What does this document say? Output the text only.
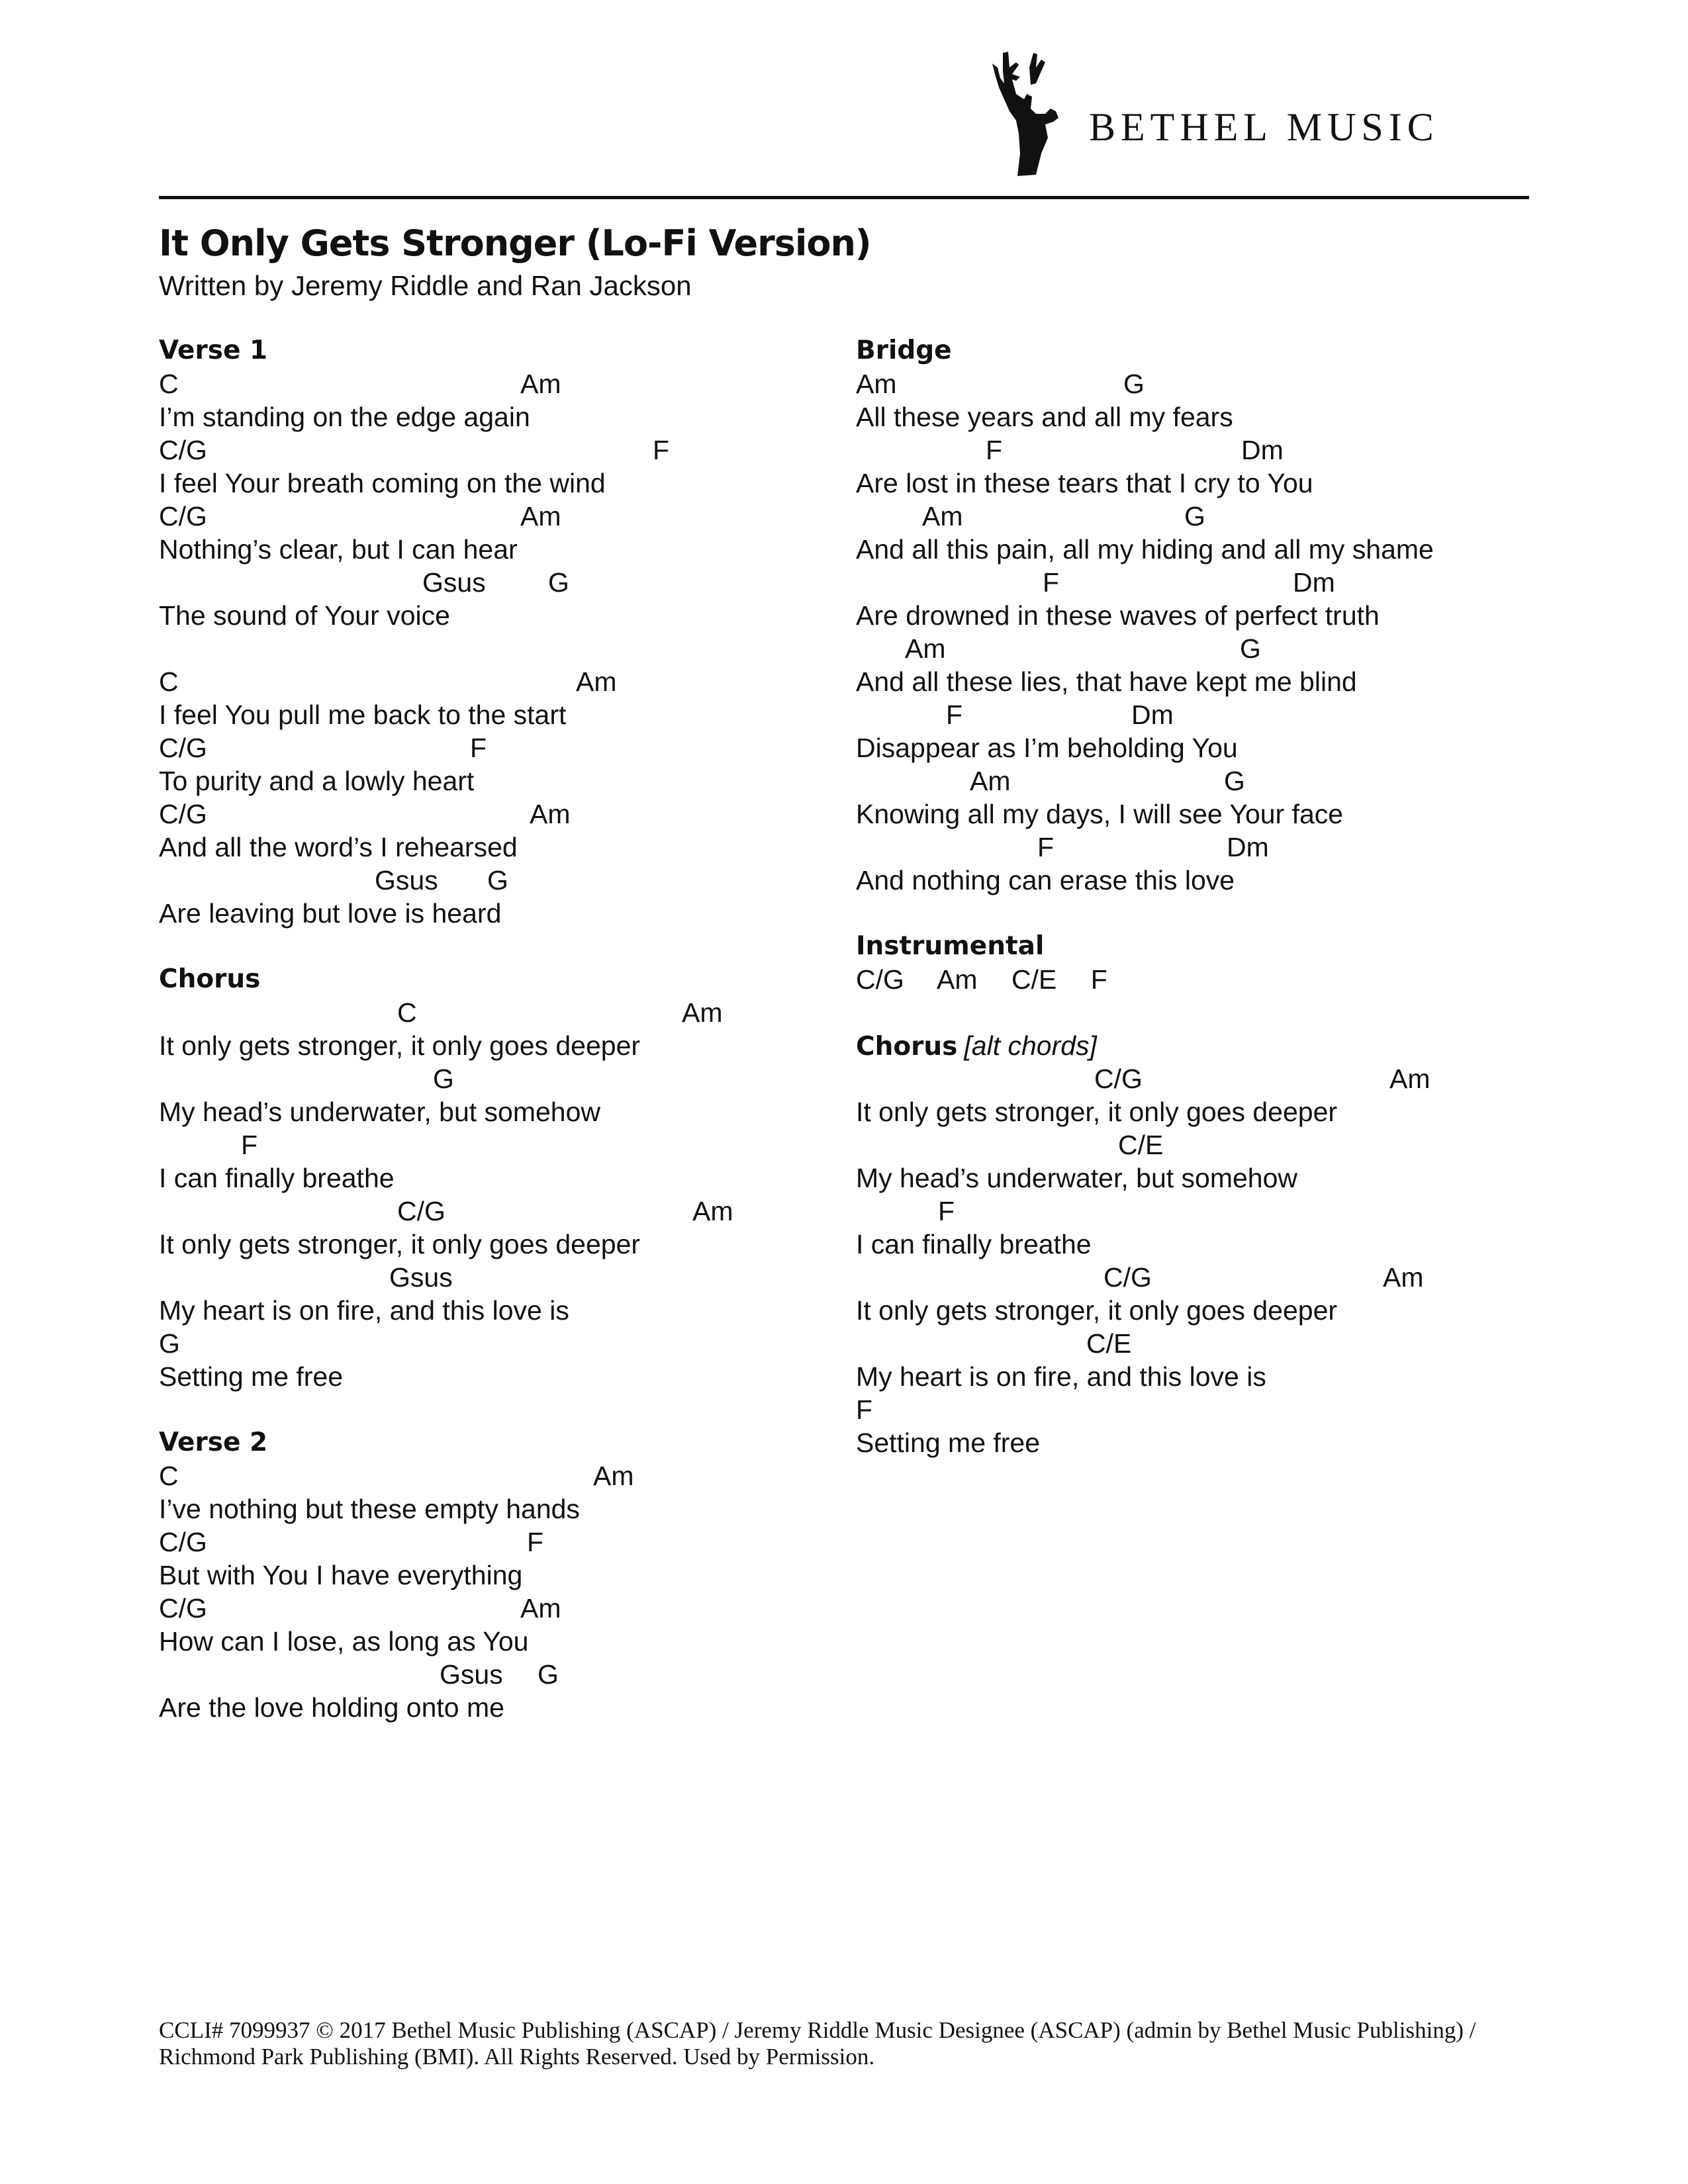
BETHEL MUSIC
It Only Gets Stronger (Lo-Fi Version)
Written by Jeremy Riddle and Ran Jackson
Verse 1
C	Am
I’m standing on the edge again
C/G	F
I feel Your breath coming on the wind
C/G	Am
Nothing’s clear, but I can hear
Gsus G
The sound of Your voice
C	Am
I feel You pull me back to the start
C/G	F
To purity and a lowly heart
C/G	Am
And all the word’s I rehearsed
Gsus G
Are leaving but love is heard
Chorus
C	Am
It only gets stronger, it only goes deeper
G
My head’s underwater, but somehow
F
I can finally breathe
C/G	Am
It only gets stronger, it only goes deeper
Gsus
My heart is on fire, and this love is
G
Setting me free
Verse 2
C	Am
I’ve nothing but these empty hands
C/G	F
But with You I have everything
C/G	Am
How can I lose, as long as You
Gsus G
Are the love holding onto me
Bridge
Am	G
All these years and all my fears
F	Dm
Are lost in these tears that I cry to You
Am	G
And all this pain, all my hiding and all my shame
F	Dm
Are drowned in these waves of perfect truth
Am	G
And all these lies, that have kept me blind
F	Dm
Disappear as I’m beholding You
Am	G
Knowing all my days, I will see Your face
F	Dm
And nothing can erase this love
Instrumental
C/G Am C/E F
Chorus [alt chords]
C/G	Am
It only gets stronger, it only goes deeper
C/E
My head’s underwater, but somehow
F
I can finally breathe
C/G	Am
It only gets stronger, it only goes deeper
C/E
My heart is on fire, and this love is
F
Setting me free
CCLI# 7099937 © 2017 Bethel Music Publishing (ASCAP) / Jeremy Riddle Music Designee (ASCAP) (admin by Bethel Music Publishing) / Richmond Park Publishing (BMI). All Rights Reserved. Used by Permission.
